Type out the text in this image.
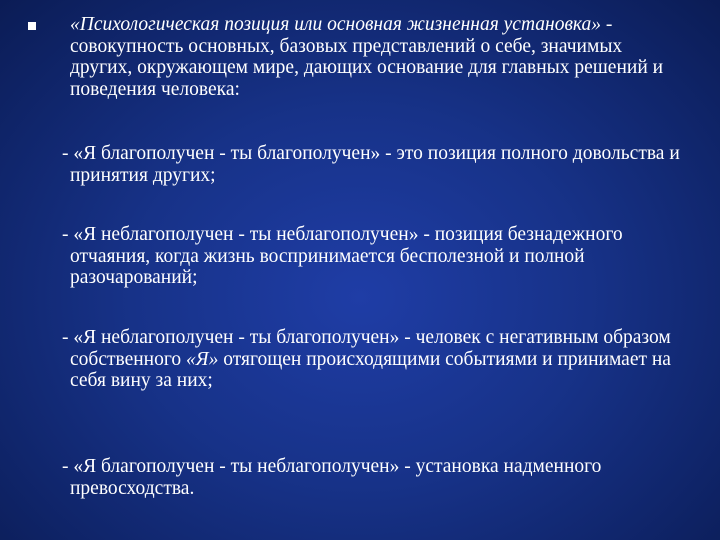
«Психологическая позиция или основная жизненная установка» - совокупность основных, базовых представлений о себе, значимых других, окружающем мире, дающих основание для главных решений и поведения человека:

- «Я благополучен - ты благополучен» - это позиция полного довольства и принятия других;

- «Я неблагополучен - ты неблагополучен» - позиция безнадежного отчаяния, когда жизнь воспринимается бесполезной и полной разочарований;

- «Я неблагополучен - ты благополучен» - человек с негативным образом собственного «Я» отягощен происходящими событиями и принимает на себя вину за них;

- «Я благополучен - ты неблагополучен» - установка надменного превосходства.
